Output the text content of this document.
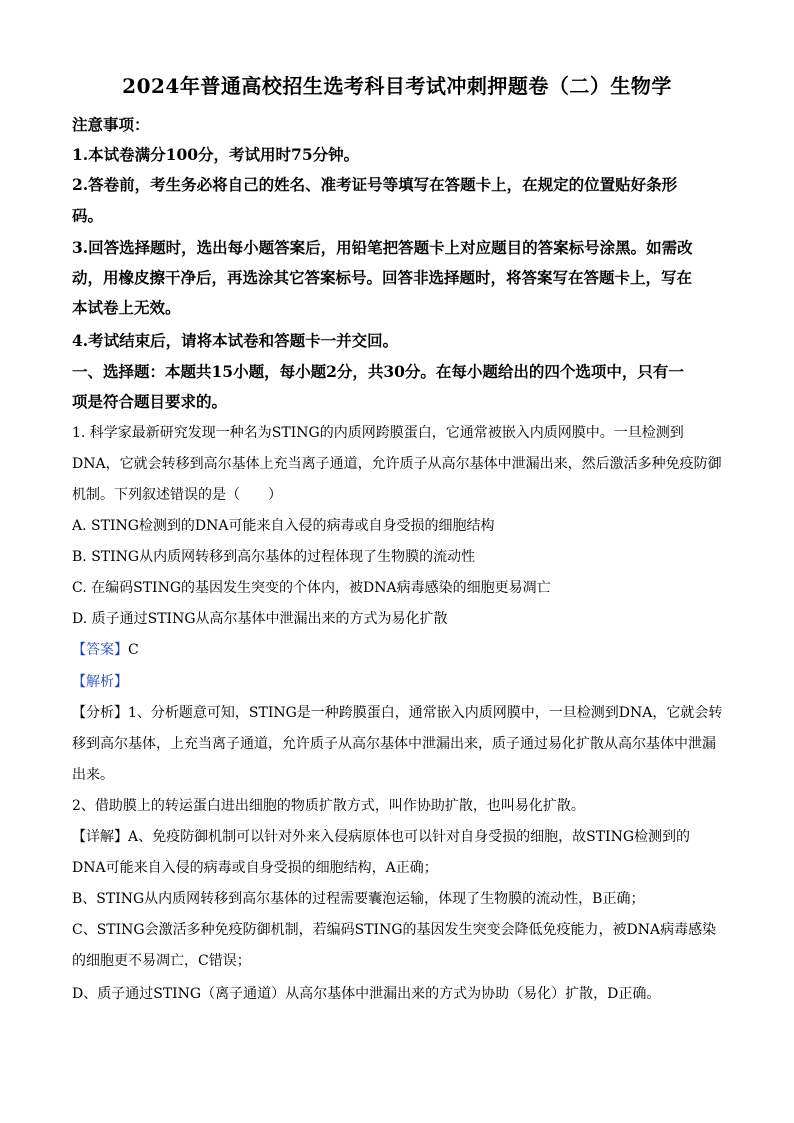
2024年普通高校招生选考科目考试冲刺押题卷（二）生物学
注意事项：
1.本试卷满分100分，考试用时75分钟。
2.答卷前，考生务必将自己的姓名、准考证号等填写在答题卡上，在规定的位置贴好条形
码。
3.回答选择题时，选出每小题答案后，用铅笔把答题卡上对应题目的答案标号涂黑。如需改
动，用橡皮擦干净后，再选涂其它答案标号。回答非选择题时，将答案写在答题卡上，写在
本试卷上无效。
4.考试结束后，请将本试卷和答题卡一并交回。
一、选择题：本题共15小题，每小题2分，共30分。在每小题给出的四个选项中，只有一
项是符合题目要求的。
1. 科学家最新研究发现一种名为STING的内质网跨膜蛋白，它通常被嵌入内质网膜中。一旦检测到
DNA，它就会转移到高尔基体上充当离子通道，允许质子从高尔基体中泄漏出来，然后激活多种免疫防御
机制。下列叙述错误的是（　　）
A. STING检测到的DNA可能来自入侵的病毒或自身受损的细胞结构
B. STING从内质网转移到高尔基体的过程体现了生物膜的流动性
C. 在编码STING的基因发生突变的个体内，被DNA病毒感染的细胞更易凋亡
D. 质子通过STING从高尔基体中泄漏出来的方式为易化扩散
【答案】C
【解析】
【分析】1、分析题意可知，STING是一种跨膜蛋白，通常嵌入内质网膜中，一旦检测到DNA，它就会转
移到高尔基体，上充当离子通道，允许质子从高尔基体中泄漏出来，质子通过易化扩散从高尔基体中泄漏
出来。
2、借助膜上的转运蛋白进出细胞的物质扩散方式，叫作协助扩散，也叫易化扩散。
【详解】A、免疫防御机制可以针对外来入侵病原体也可以针对自身受损的细胞，故STING检测到的
DNA可能来自入侵的病毒或自身受损的细胞结构，A正确；
B、STING从内质网转移到高尔基体的过程需要囊泡运输，体现了生物膜的流动性，B正确；
C、STING会激活多种免疫防御机制，若编码STING的基因发生突变会降低免疫能力，被DNA病毒感染
的细胞更不易凋亡，C错误；
D、质子通过STING（离子通道）从高尔基体中泄漏出来的方式为协助（易化）扩散，D正确。
